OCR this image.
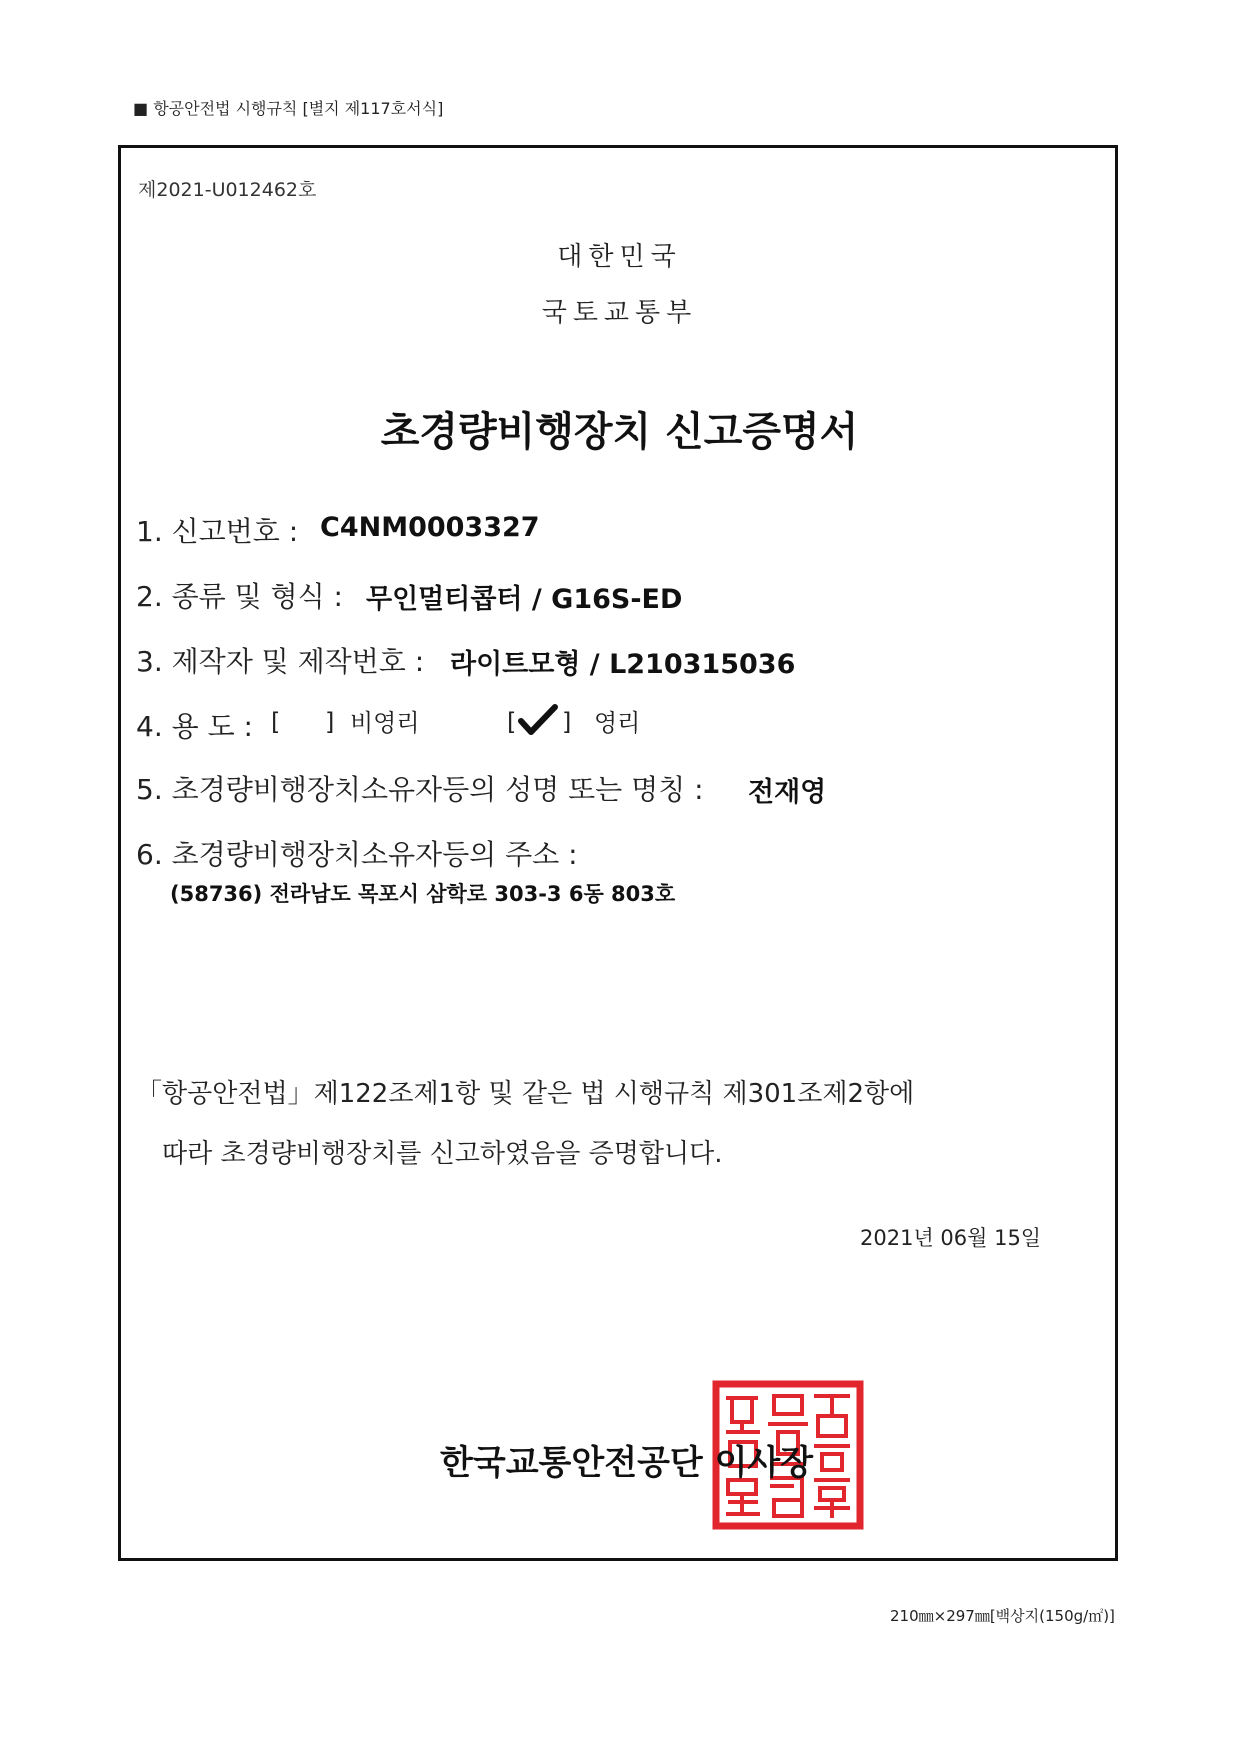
■ 항공안전법 시행규칙 [별지 제117호서식]
제2021-U012462호
대한민국
국토교통부
초경량비행장치 신고증명서
1. 신고번호 : C4NM0003327
2. 종류 및 형식 : 무인멀티콥터 / G16S-ED
3. 제작자 및 제작번호 : 라이트모형 / L210315036
4. 용 도 : [ ] 비영리	[ ] 영리
5. 초경량비행장치소유자등의 성명 또는 명칭 : 전재영
6. 초경량비행장치소유자등의 주소 :
(58736) 전라남도 목포시 삼학로 303-3 6동 803호
「항공안전법」제122조제1항 및 같은 법 시행규칙 제301조제2항에
따라 초경량비행장치를 신고하였음을 증명합니다.
2021년 06월 15일
한국교통안전공단 이사장
210㎜×297㎜[백상지(150g/㎡)]
